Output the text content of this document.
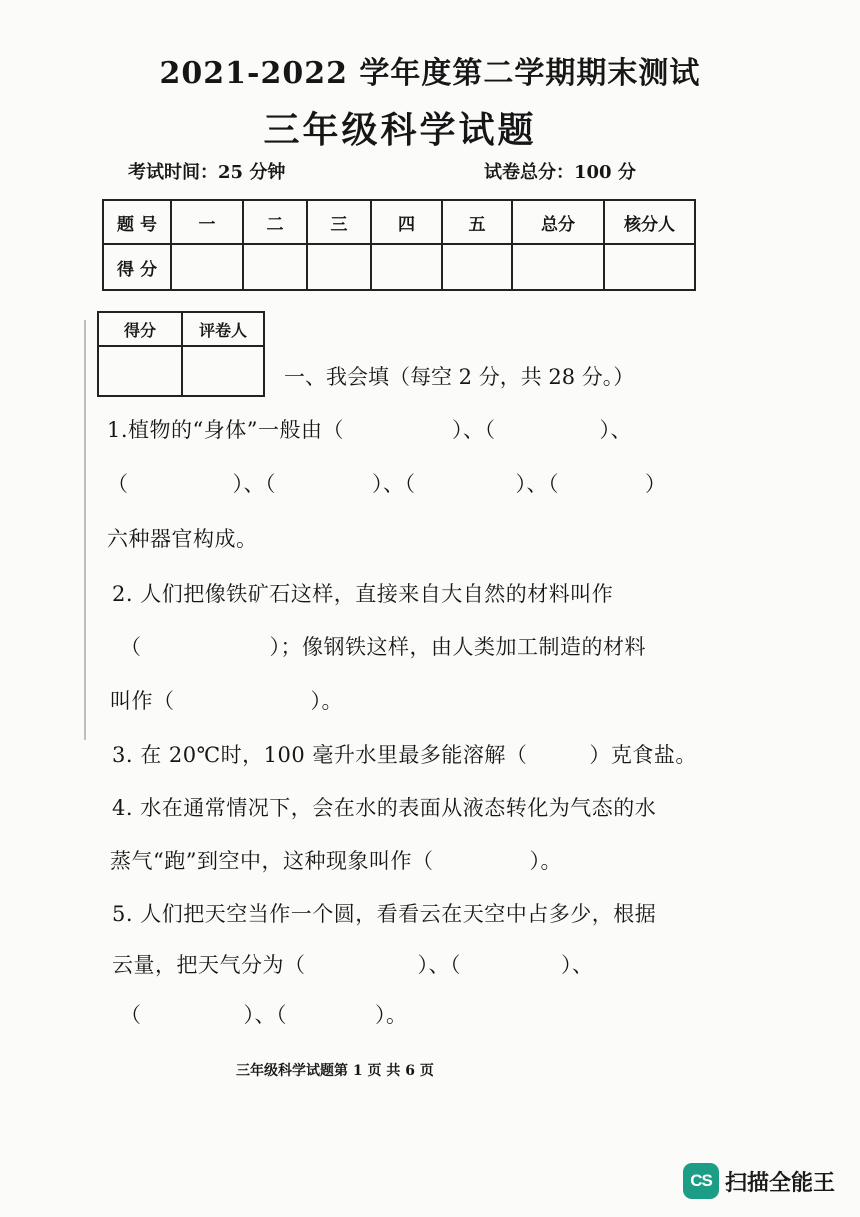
2021-2022 学年度第二学期期末测试
三年级科学试题
考试时间：25 分钟	试卷总分：100 分
题 号	一	二	三	四	五	总分	核分人
得 分							
得分	评卷人

一、我会填（每空 2 分，共 28 分。）
1.植物的“身体”一般由（	）、（	）、
（	）、（	）、（	）、（	）
六种器官构成。
2. 人们把像铁矿石这样，直接来自大自然的材料叫作
（	）；像钢铁这样，由人类加工制造的材料
叫作（	）。
3. 在 20℃时，100 毫升水里最多能溶解（	）克食盐。
4. 水在通常情况下，会在水的表面从液态转化为气态的水
蒸气“跑”到空中，这种现象叫作（	）。
5. 人们把天空当作一个圆，看看云在天空中占多少，根据
云量，把天气分为（	）、（	）、
（	）、（	）。
三年级科学试题第 1 页 共 6 页
CS 扫描全能王
